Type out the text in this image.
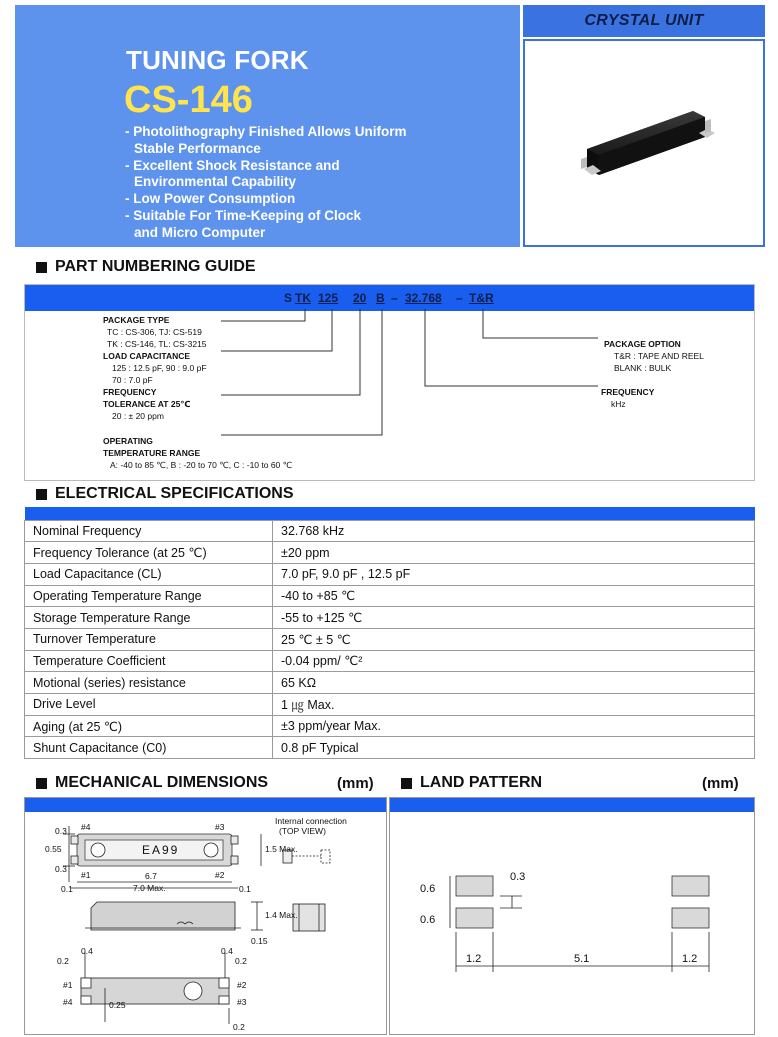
TUNING FORK
CS-146
- Photolithography Finished Allows Uniform
Stable Performance
- Excellent Shock Resistance and
Environmental Capability
- Low Power Consumption
- Suitable For Time-Keeping of Clock
and Micro Computer
CRYSTAL UNIT
PART NUMBERING GUIDE
S TK 125 20 B – 32.768 – T&R
PACKAGE TYPE
TC : CS-306, TJ: CS-519
TK : CS-146, TL: CS-3215
LOAD CAPACITANCE
125 : 12.5 pF, 90 : 9.0 pF
70 : 7.0 pF
FREQUENCY
TOLERANCE AT 25℃
20 : ± 20 ppm
OPERATING
TEMPERATURE RANGE
A: -40 to 85 ℃, B : -20 to 70 ℃, C : -10 to 60 ℃
PACKAGE OPTION
T&R : TAPE AND REEL
BLANK : BULK
FREQUENCY
kHz
ELECTRICAL SPECIFICATIONS

Nominal Frequency	32.768 kHz
Frequency Tolerance (at 25 ℃)	±20 ppm
Load Capacitance (CL)	7.0 pF, 9.0 pF , 12.5 pF
Operating Temperature Range	-40 to +85 ℃
Storage Temperature Range	-55 to +125 ℃
Turnover Temperature	25 ℃ ± 5 ℃
Temperature Coefficient	-0.04 ppm/ ℃²
Motional (series) resistance	65 KΩ
Drive Level	1 ㎍ Max.
Aging (at 25 ℃)	±3 ppm/year Max.
Shunt Capacitance (C0)	0.8 pF Typical
MECHANICAL DIMENSIONS	(mm)	LAND PATTERN	(mm)
EA99
#4	#3
#1	#2
0.3
0.55
0.3
0.1
6.7
7.0 Max.	0.1
1.5 Max.
Internal connection
(TOP VIEW)
1.4 Max.
0.15
0.4
0.2
0.4
0.2
0.25
0.2
#1
#4
#2
#3
0.6
0.6
0.3
1.2	5.1	1.2
